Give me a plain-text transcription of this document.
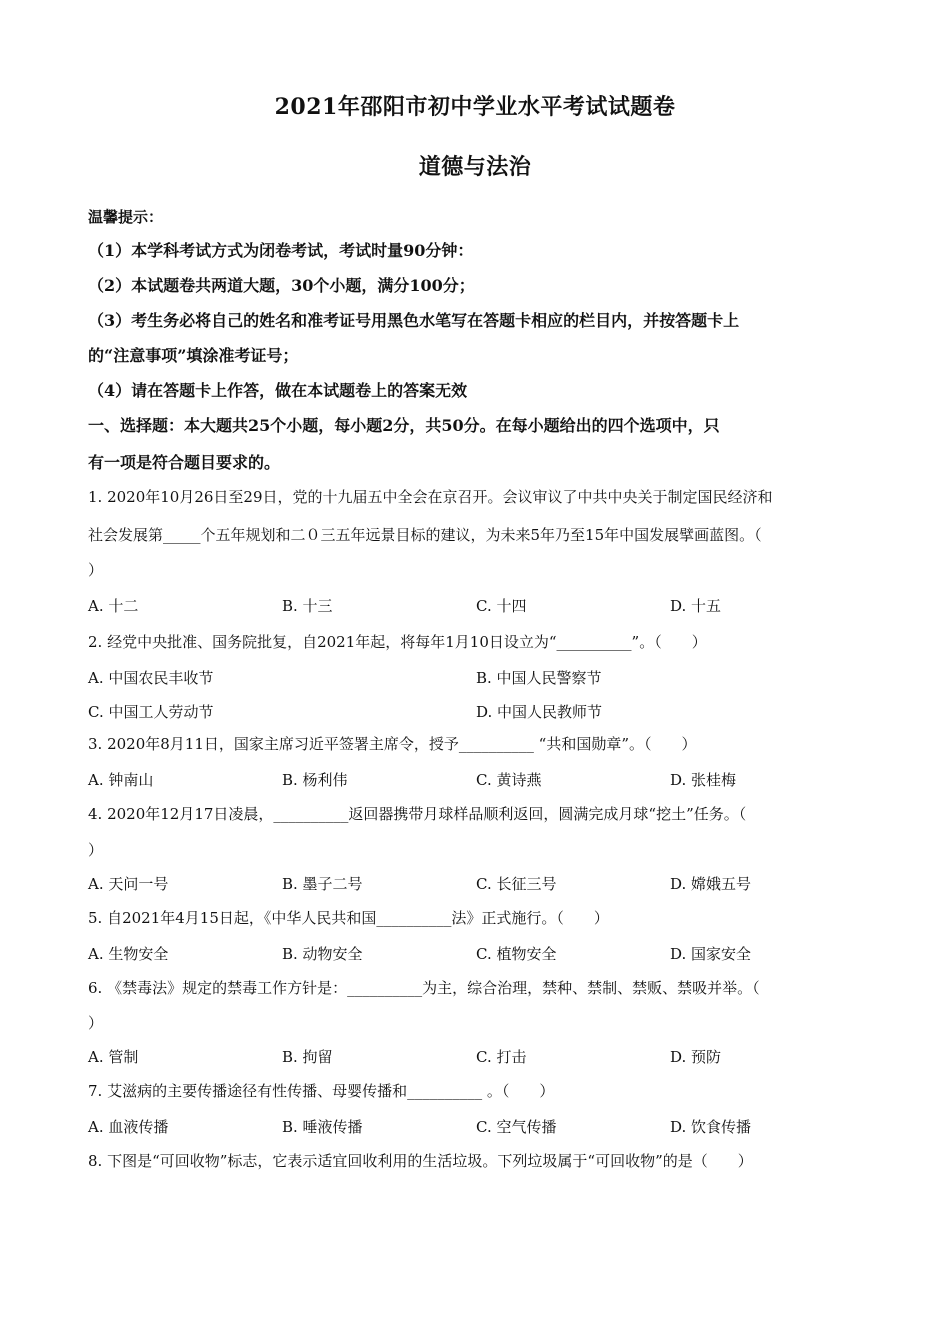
2021年邵阳市初中学业水平考试试题卷
道德与法治
温馨提示：
（1）本学科考试方式为闭卷考试，考试时量90分钟：
（2）本试题卷共两道大题，30个小题，满分100分；
（3）考生务必将自己的姓名和准考证号用黑色水笔写在答题卡相应的栏目内，并按答题卡上
的“注意事项”填涂准考证号；
（4）请在答题卡上作答，做在本试题卷上的答案无效
一、选择题：本大题共25个小题，每小题2分，共50分。在每小题给出的四个选项中，只
有一项是符合题目要求的。
1. 2020年10月26日至29日，党的十九届五中全会在京召开。会议审议了中共中央关于制定国民经济和
社会发展第_____个五年规划和二０三五年远景目标的建议，为未来5年乃至15年中国发展擘画蓝图。（
）
A. 十二	B. 十三	C. 十四	D. 十五
2. 经党中央批准、国务院批复，自2021年起，将每年1月10日设立为“__________”。（　　）
A. 中国农民丰收节	B. 中国人民警察节
C. 中国工人劳动节	D. 中国人民教师节
3. 2020年8月11日，国家主席习近平签署主席令，授予__________ “共和国勋章”。（　　）
A. 钟南山	B. 杨利伟	C. 黄诗燕	D. 张桂梅
4. 2020年12月17日凌晨，__________返回器携带月球样品顺利返回，圆满完成月球“挖土”任务。（
）
A. 天问一号	B. 墨子二号	C. 长征三号	D. 嫦娥五号
5. 自2021年4月15日起，《中华人民共和国__________法》正式施行。（　　）
A. 生物安全	B. 动物安全	C. 植物安全	D. 国家安全
6. 《禁毒法》规定的禁毒工作方针是：__________为主，综合治理，禁种、禁制、禁贩、禁吸并举。（
）
A. 管制	B. 拘留	C. 打击	D. 预防
7. 艾滋病的主要传播途径有性传播、母婴传播和__________ 。（　　）
A. 血液传播	B. 唾液传播	C. 空气传播	D. 饮食传播
8. 下图是“可回收物”标志，它表示适宜回收利用的生活垃圾。下列垃圾属于“可回收物”的是（　　）
